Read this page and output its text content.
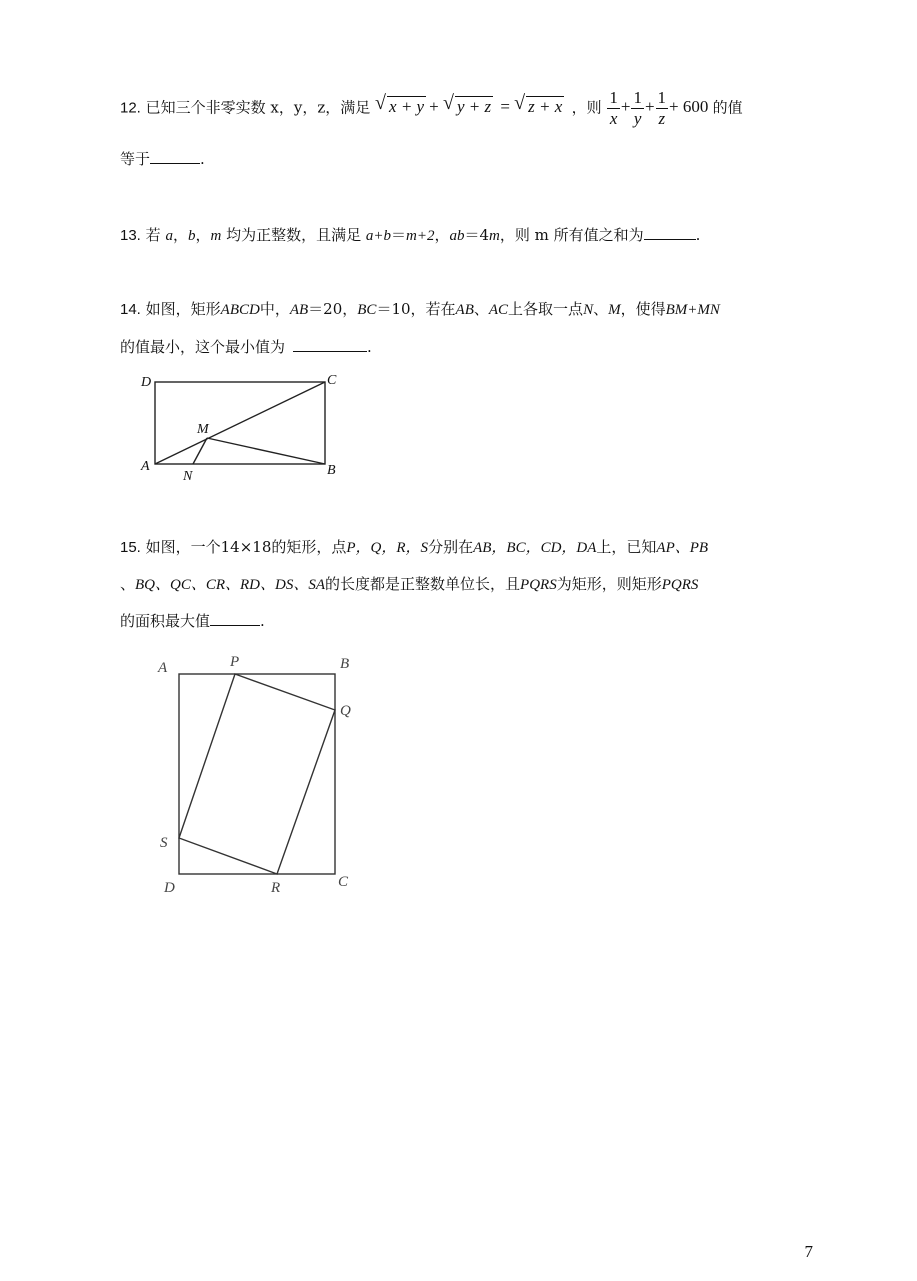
12. 已知三个非零实数 x，y，z，满足 √ x + y + √ y + z = √ z + x ，则 $\frac{1}{x} + \frac{1}{y} + \frac{1}{z} + 600$ 的值
等于	.
13. 若 a，b，m 均为正整数，且满足 a+b＝m+2，ab＝4m，则 m 所有值之和为	.
14. 如图，矩形ABCD中，AB＝20，BC＝10，若在AB、AC上各取一点N、M，使得BM+MN
的值最小，这个最小值为	.
D	C
A	B
M
N
15. 如图，一个14×18的矩形，点P，Q，R，S分别在AB，BC，CD，DA上，已知AP、PB
、BQ、QC、CR、RD、DS、SA的长度都是正整数单位长，且PQRS为矩形，则矩形PQRS
的面积最大值	.
A	P	B
Q
S
D	R	C
7
